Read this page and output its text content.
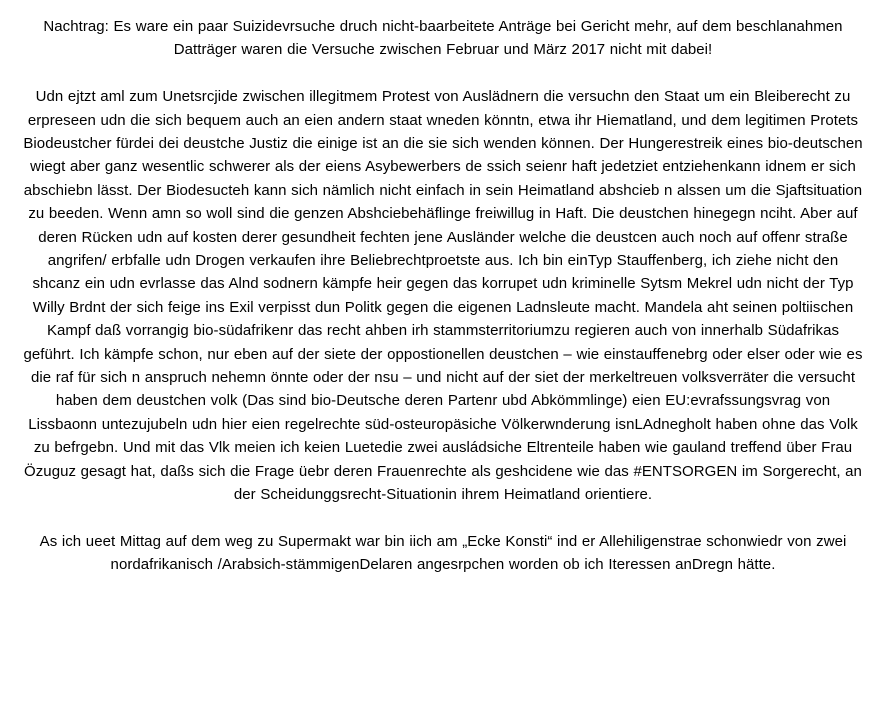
Nachtrag: Es ware ein paar Suizidevrsuche druch nicht-baarbeitete Anträge bei Gericht mehr, auf dem beschlanahmen Datträger waren die Versuche zwischen Februar und März 2017 nicht mit dabei!

Udn ejtzt aml zum Unetsrcjide zwischen illegitmem Protest von Auslädnern die versuchn den Staat um ein Bleiberecht zu erpreseen udn die sich bequem auch an eien andern staat wneden könntn, etwa ihr Hiematland, und dem legitimen Protets Biodeustcher fürdei dei deustche Justiz die einige ist an die sie sich wenden können. Der Hungerestreik eines bio-deutschen wiegt aber ganz wesentlic schwerer als der eiens Asybewerbers de ssich seienr haft jedetziet entziehenkann idnem er sich abschiebn lässt. Der Biodesucteh kann sich nämlich nicht einfach in sein Heimatland abshcieb n alssen um die Sjaftsituation zu beeden. Wenn amn so woll sind die genzen Abshciebehäflinge freiwillug in Haft. Die deustchen hinegegn nciht. Aber auf deren Rücken udn auf kosten derer gesundheit fechten jene Ausländer welche die deustcen auch noch auf offenr straße angrifen/ erbfalle udn Drogen verkaufen ihre Beliebrechtproetste aus. Ich bin einTyp Stauffenberg, ich ziehe nicht den shcanz ein udn evrlasse das Alnd sodnern kämpfe heir gegen das korrupet udn kriminelle Sytsm Mekrel udn nicht der Typ Willy Brdnt der sich feige ins Exil verpisst dun Politk gegen die eigenen Ladnsleute macht. Mandela aht seinen poltiischen Kampf daß vorrangig bio-südafrikenr das recht ahben irh stammsterritoriumzu regieren auch von innerhalb Südafrikas geführt. Ich kämpfe schon, nur eben auf der siete der oppostionellen deustchen – wie einstauffenebrg oder elser oder wie es die raf für sich n anspruch nehemn önnte oder der nsu – und nicht auf der siet der merkeltreuen volksverräter die versucht haben dem deustchen volk (Das sind bio-Deutsche deren Partenr ubd Abkömmlinge) eien EU:evrafssungsvrag von Lissbaonn untezujubeln udn hier eien regelrechte süd-osteuropäsiche Völkerwnderung isnLAdnegholt haben ohne das Volk zu befrgebn. Und mit das Vlk meien ich keien Luetedie zwei ausládsiche Eltrenteile haben wie gauland treffend über Frau Özuguz gesagt hat, daßs sich die Frage üebr deren Frauenrechte als geshcidene wie das #ENTSORGEN im Sorgerecht, an der Scheidunggsrecht-Situationin ihrem Heimatland orientiere.

As ich ueet Mittag auf dem weg zu Supermakt war bin iich am „Ecke Konsti“ ind er Allehiligenstrae schonwiedr von zwei nordafrikanisch /Arabsich-stämmigenDelaren angesrpchen worden ob ich Iteressen anDregn hätte.
